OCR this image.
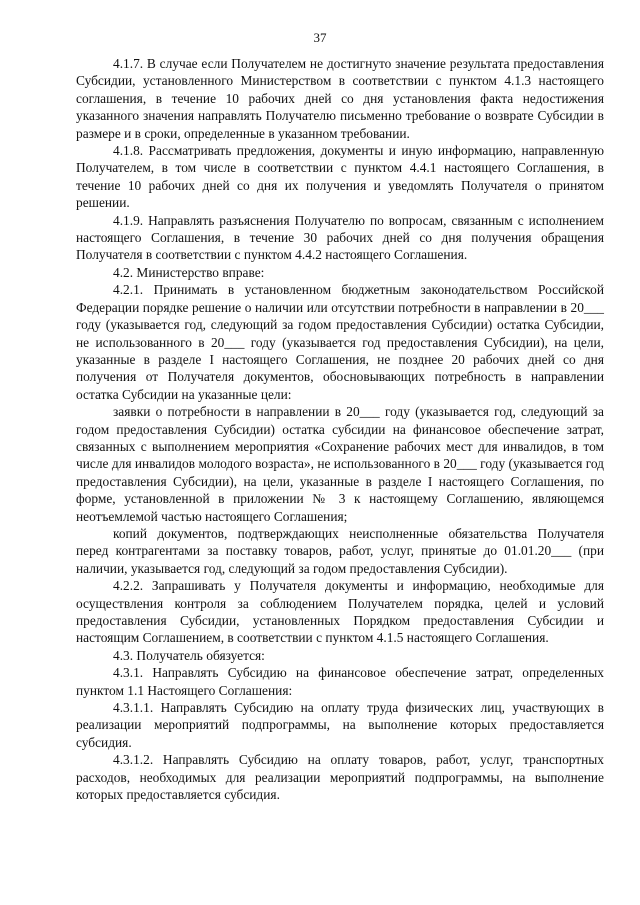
37

4.1.7. В случае если Получателем не достигнуто значение результата предоставления Субсидии, установленного Министерством в соответствии с пунктом 4.1.3 настоящего соглашения, в течение 10 рабочих дней со дня установления факта недостижения указанного значения направлять Получателю письменно требование о возврате Субсидии в размере и в сроки, определенные в указанном требовании.

4.1.8. Рассматривать предложения, документы и иную информацию, направленную Получателем, в том числе в соответствии с пунктом 4.4.1 настоящего Соглашения, в течение 10 рабочих дней со дня их получения и уведомлять Получателя о принятом решении.

4.1.9. Направлять разъяснения Получателю по вопросам, связанным с исполнением настоящего Соглашения, в течение 30 рабочих дней со дня получения обращения Получателя в соответствии с пунктом 4.4.2 настоящего Соглашения.

4.2. Министерство вправе:

4.2.1. Принимать в установленном бюджетным законодательством Российской Федерации порядке решение о наличии или отсутствии потребности в направлении в 20___ году (указывается год, следующий за годом предоставления Субсидии) остатка Субсидии, не использованного в 20___ году (указывается год предоставления Субсидии), на цели, указанные в разделе I настоящего Соглашения, не позднее 20 рабочих дней со дня получения от Получателя документов, обосновывающих потребность в направлении остатка Субсидии на указанные цели:

заявки о потребности в направлении в 20___ году (указывается год, следующий за годом предоставления Субсидии) остатка субсидии на финансовое обеспечение затрат, связанных с выполнением мероприятия «Сохранение рабочих мест для инвалидов, в том числе для инвалидов молодого возраста», не использованного в 20___ году (указывается год предоставления Субсидии), на цели, указанные в разделе I настоящего Соглашения, по форме, установленной в приложении № 3 к настоящему Соглашению, являющемся неотъемлемой частью настоящего Соглашения;

копий документов, подтверждающих неисполненные обязательства Получателя перед контрагентами за поставку товаров, работ, услуг, принятые до 01.01.20___ (при наличии, указывается год, следующий за годом предоставления Субсидии).

4.2.2. Запрашивать у Получателя документы и информацию, необходимые для осуществления контроля за соблюдением Получателем порядка, целей и условий предоставления Субсидии, установленных Порядком предоставления Субсидии и настоящим Соглашением, в соответствии с пунктом 4.1.5 настоящего Соглашения.

4.3. Получатель обязуется:

4.3.1. Направлять Субсидию на финансовое обеспечение затрат, определенных пунктом 1.1 Настоящего Соглашения:

4.3.1.1. Направлять Субсидию на оплату труда физических лиц, участвующих в реализации мероприятий подпрограммы, на выполнение которых предоставляется субсидия.

4.3.1.2. Направлять Субсидию на оплату товаров, работ, услуг, транспортных расходов, необходимых для реализации мероприятий подпрограммы, на выполнение которых предоставляется субсидия.
